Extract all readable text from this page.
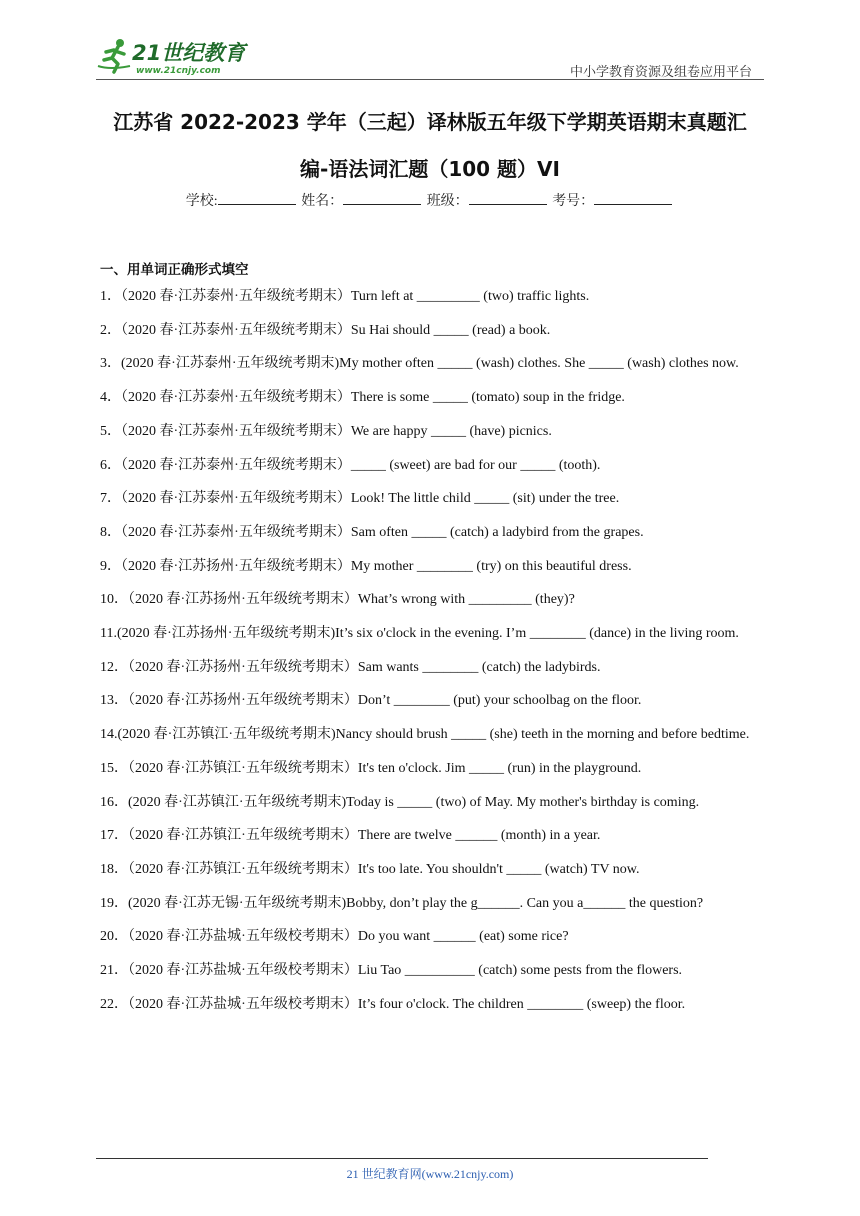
21世纪教育
www.21cnjy.com	中小学教育资源及组卷应用平台
江苏省 2022-2023 学年（三起）译林版五年级下学期英语期末真题汇
编-语法词汇题（100 题）VI
学校:	姓名：	班级：	考号：
一、用单词正确形式填空
1．（2020 春·江苏泰州·五年级统考期末）Turn left at _________ (two) traffic lights.
2．（2020 春·江苏泰州·五年级统考期末）Su Hai should _____ (read) a book.
3．(2020 春·江苏泰州·五年级统考期末)My mother often _____ (wash) clothes. She _____ (wash) clothes now.
4．（2020 春·江苏泰州·五年级统考期末）There is some _____ (tomato) soup in the fridge.
5．（2020 春·江苏泰州·五年级统考期末）We are happy _____ (have) picnics.
6．（2020 春·江苏泰州·五年级统考期末）_____ (sweet) are bad for our _____ (tooth).
7．（2020 春·江苏泰州·五年级统考期末）Look! The little child _____ (sit) under the tree.
8．（2020 春·江苏泰州·五年级统考期末）Sam often _____ (catch) a ladybird from the grapes.
9．（2020 春·江苏扬州·五年级统考期末）My mother ________ (try) on this beautiful dress.
10．（2020 春·江苏扬州·五年级统考期末）What’s wrong with _________ (they)?
11.(2020 春·江苏扬州·五年级统考期末)It’s six o'clock in the evening. I’m ________ (dance) in the living room.
12．（2020 春·江苏扬州·五年级统考期末）Sam wants ________ (catch) the ladybirds.
13．（2020 春·江苏扬州·五年级统考期末）Don’t ________ (put) your schoolbag on the floor.
14.(2020 春·江苏镇江·五年级统考期末)Nancy should brush _____ (she) teeth in the morning and before bedtime.
15．（2020 春·江苏镇江·五年级统考期末）It's ten o'clock. Jim _____ (run) in the playground.
16．(2020 春·江苏镇江·五年级统考期末)Today is _____ (two) of May. My mother's birthday is coming.
17．（2020 春·江苏镇江·五年级统考期末）There are twelve ______ (month) in a year.
18．（2020 春·江苏镇江·五年级统考期末）It's too late. You shouldn't _____ (watch) TV now.
19．(2020 春·江苏无锡·五年级统考期末)Bobby, don’t play the g______. Can you a______ the question?
20．（2020 春·江苏盐城·五年级校考期末）Do you want ______ (eat) some rice?
21．（2020 春·江苏盐城·五年级校考期末）Liu Tao __________ (catch) some pests from the flowers.
22．（2020 春·江苏盐城·五年级校考期末）It’s four o'clock. The children ________ (sweep) the floor.
21 世纪教育网(www.21cnjy.com)
